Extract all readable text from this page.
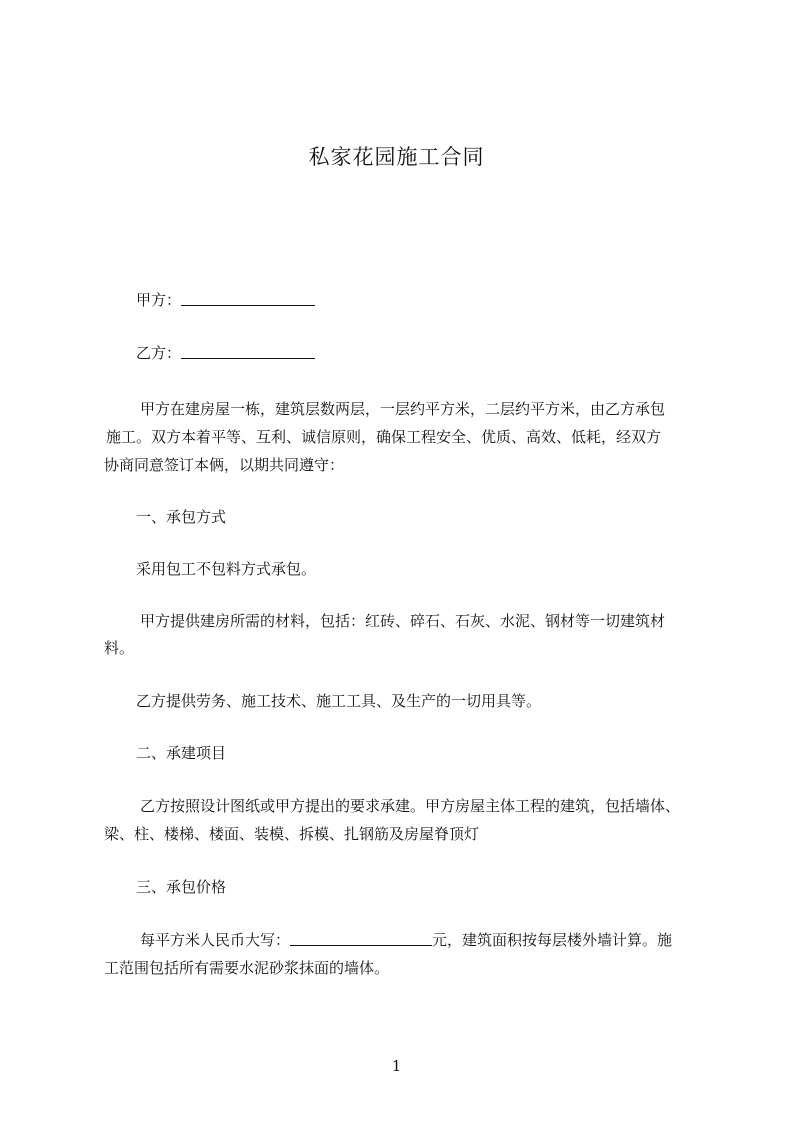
私家花园施工合同
甲方：
乙方：
甲方在建房屋一栋，建筑层数两层，一层约平方米，二层约平方米，由乙方承包
施工。双方本着平等、互利、诚信原则，确保工程安全、优质、高效、低耗，经双方
协商同意签订本俩，以期共同遵守：
一、承包方式
采用包工不包料方式承包。
甲方提供建房所需的材料，包括：红砖、碎石、石灰、水泥、钢材等一切建筑材
料。
乙方提供劳务、施工技术、施工工具、及生产的一切用具等。
二、承建项目
乙方按照设计图纸或甲方提出的要求承建。甲方房屋主体工程的建筑，包括墙体、
梁、柱、楼梯、楼面、装模、拆模、扎钢筋及房屋脊顶灯
三、承包价格
每平方米人民币大写：	元，建筑面积按每层楼外墙计算。施
工范围包括所有需要水泥砂浆抹面的墙体。
1
